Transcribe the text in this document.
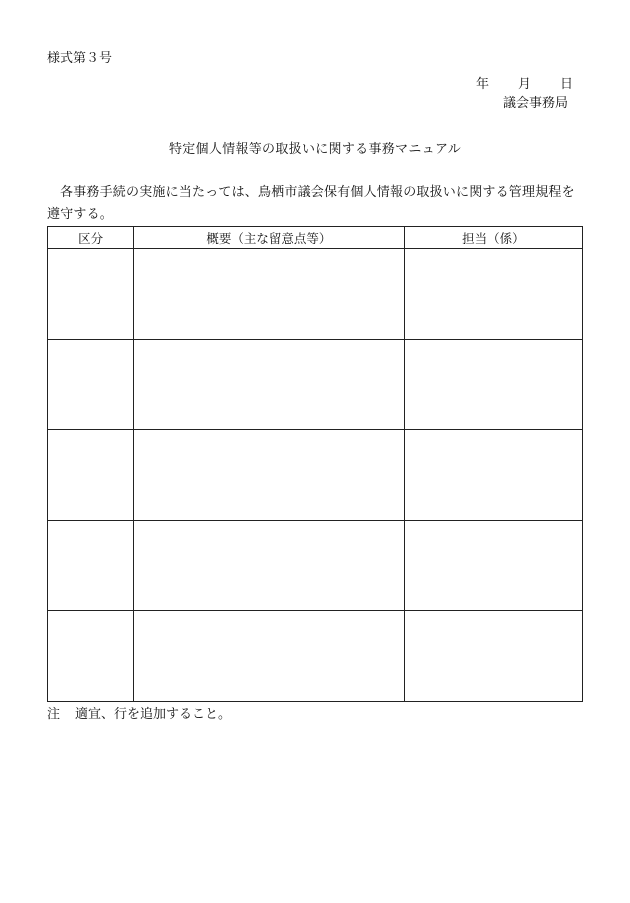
様式第３号
年 月 日
議会事務局
特定個人情報等の取扱いに関する事務マニュアル
各事務手続の実施に当たっては、鳥栖市議会保有個人情報の取扱いに関する管理規程を遵守する。
区分	概要（主な留意点等）	担当（係）

注 適宜、行を追加すること。
